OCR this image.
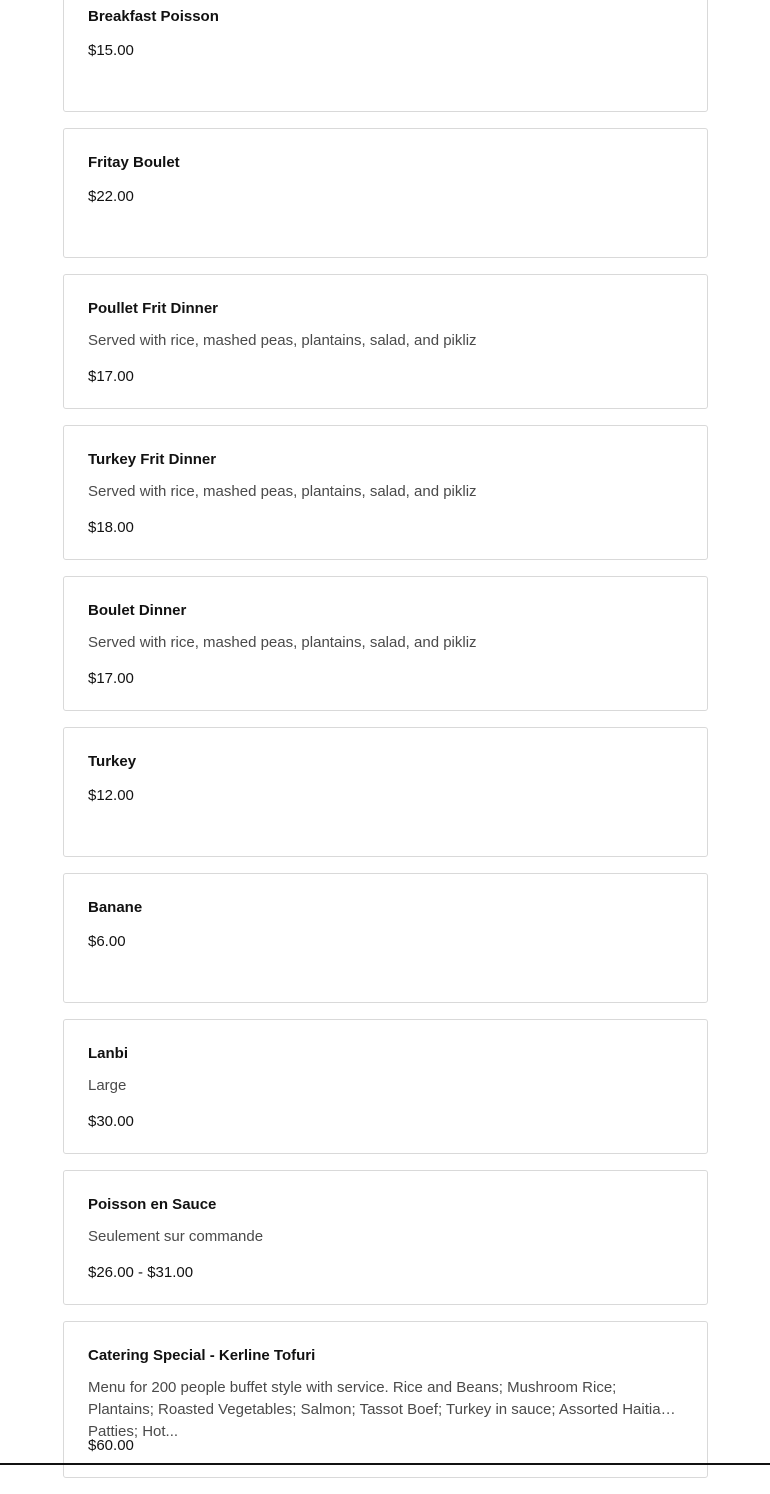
Breakfast Poisson

$15.00

Fritay Boulet

$22.00

Poullet Frit Dinner

Served with rice, mashed peas, plantains, salad, and pikliz

$17.00

Turkey Frit Dinner

Served with rice, mashed peas, plantains, salad, and pikliz

$18.00

Boulet Dinner

Served with rice, mashed peas, plantains, salad, and pikliz

$17.00

Turkey

$12.00

Banane

$6.00

Lanbi

Large

$30.00

Poisson en Sauce

Seulement sur commande

$26.00 - $31.00

Catering Special - Kerline Tofuri

Menu for 200 people buffet style with service. Rice and Beans; Mushroom Rice; Plantains; Roasted Vegetables; Salmon; Tassot Boef; Turkey in sauce; Assorted Haitian Patties; Hot...

$60.00
